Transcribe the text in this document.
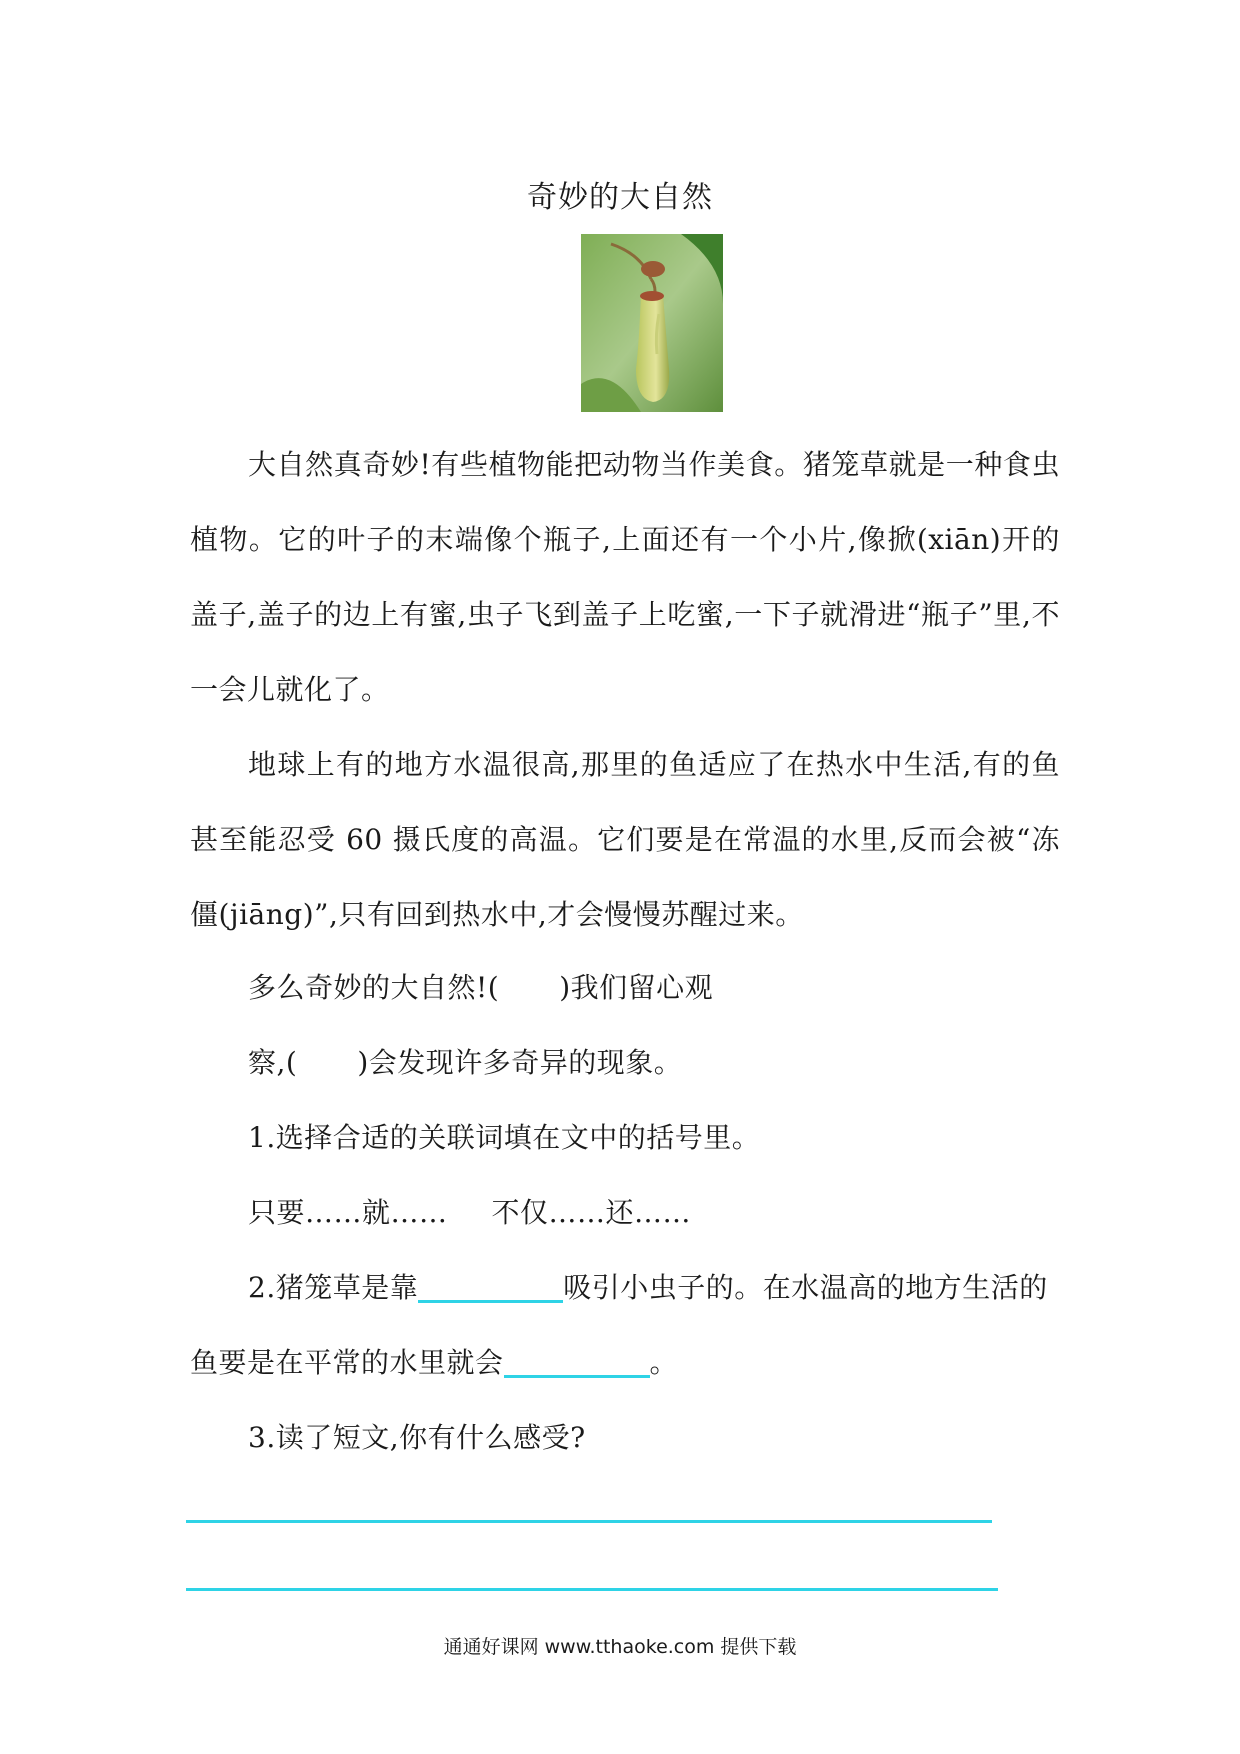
奇妙的大自然

大自然真奇妙!有些植物能把动物当作美食。猪笼草就是一种食虫植物。它的叶子的末端像个瓶子,上面还有一个小片,像掀(xiān)开的盖子,盖子的边上有蜜,虫子飞到盖子上吃蜜,一下子就滑进“瓶子”里,不一会儿就化了。

地球上有的地方水温很高,那里的鱼适应了在热水中生活,有的鱼甚至能忍受 60 摄氏度的高温。它们要是在常温的水里,反而会被“冻僵(jiāng)”,只有回到热水中,才会慢慢苏醒过来。

多么奇妙的大自然!( )我们留心观
察,( )会发现许多奇异的现象。
1.选择合适的关联词填在文中的括号里。
只要……就…… 不仅……还……
2.猪笼草是靠	吸引小虫子的。在水温高的地方生活的
鱼要是在平常的水里就会	。
3.读了短文,你有什么感受?
通通好课网 www.tthaoke.com 提供下载
